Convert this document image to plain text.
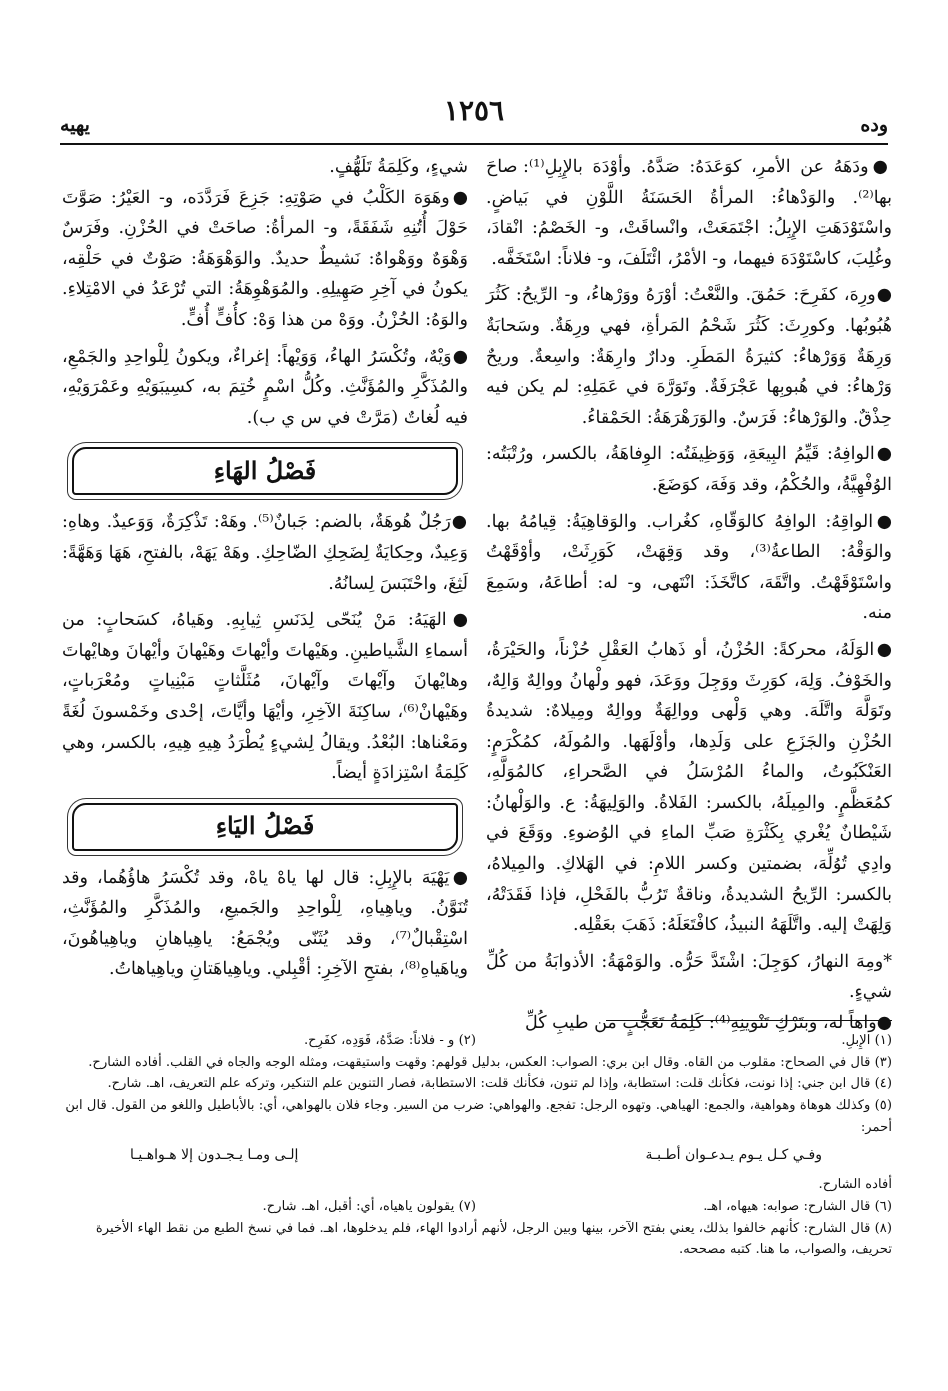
وده
١٢٥٦
يهيه

●ودَهَهُ عن الأمرِ، كوَعَدَهُ: صَدَّهُ. وأوْدَهَ بالإِبِلِ⁽¹⁾: صاحَ بها⁽²⁾. والوَدْهاءُ: المرأةُ الحَسَنَةُ اللَّوْنِ في بَياضٍ. واسْتَوْدَهَتِ الإِبِلُ: اجْتَمَعَتْ، وانْساقَتْ، و- الخَصْمُ: انْقادَ، وغُلِبَ، كاسْتَوْدَهَ فيهما، و- الأمْرُ، ائْتَلَفَ، و- فلاناً: اسْتَخَفَّه.

●ورِهَ، كفَرِحَ: حَمُقَ. والنَّعْتُ: أوْرَهُ ووَرْهاءُ، و- الرِّيحُ: كَثُرَ هُبُوبُها. وكورِثَ: كَثُرَ شَحْمُ المَرأةِ، فهي ورِهَةٌ. وسَحابَةٌ وَرِهَةٌ وَوَرْهاءُ: كثيرَةُ المَطَرِ. ودارٌ وارِهَةٌ: واسِعةٌ. وريحٌ وَرْهاءُ: في هُبوبِها عَجْرَفَةٌ. وتَوَرَّهَ في عَمَلِهِ: لم يكن فيه حِذْقٌ. والوَرْهاءُ: فَرَسٌ. والوَرَهْرَهَةُ: الحَمْقاءُ.

●الوافِهُ: قَيِّمُ البِيعَةِ، وَوَظِيفَتُه: الوِفاهَةُ، بالكسر، ورُتْبَتُه: الوُفْهِيَّةُ، والحُكْمُ، وقد وَفَهَ، كوَضَعَ.

●الواقِهُ: الوافِهُ كالوَقّاهِ، كغُراب. والوَقاهِيَةُ: قِيامُهُ بها. والوَقْهُ: الطاعةُ⁽³⁾، وقد وَقِهَتْ، كَوَرِثَتْ، وأوْقَهْتُ واسْتَوْقَهْتُ. واتَّقَهَ، كاتَّخَذَ: انْتَهى، و- له: أطاعَهُ، وسَمِعَ منه.

●الوَلَهُ، محركةً: الحُزْنُ، أو ذَهابُ العَقْلِ حُزْناً، والحَيْرَةُ، والخَوْفُ. وَلِهَ، كوَرِثَ ووَجِلَ ووَعَدَ، فهو ولْهانُ ووالِهٌ وَالِهٌ، وتَوَلَّهَ واتَّلَهَ. وهي وَلْهى ووالِهَةٌ ووالِهٌ ومِيلاهٌ: شديدةُ الحُزْنِ والجَزَعِ على وَلَدِها، وأوْلَهَها. والمُولَهُ، كمُكْرَمٍ: العَنْكَبُوتُ، والماءُ المُرْسَلُ في الصَّحراءِ، كالمُوَلَّهِ، كمُعَظَّمٍ. والمِيلَهُ، بالكسر: الفَلاةُ. والوَلِيهَةُ: ع. والوَلْهانُ: شَيْطانٌ يُغْري بِكَثْرَةِ صَبِّ الماءِ في الوُضوءِ. ووَقَعَ في وادِي تُوُلِّهَ، بضمتين وكسر اللامِ: في الهَلاكِ. والمِيلاهُ، بالكسر: الرِّيحُ الشديدةُ، وناقةٌ تَرُبُّ بالفَحْلِ، فإذا فَقَدَتْهُ، وَلِهَتْ إليه. واتَّلَهَهُ النبيذُ، كافْتَعَلَهُ: ذَهَبَ بعَقْلِه.

*ومِهَ النهارُ، كوَجِلَ: اشْتَدَّ حَرُّه. والوَمْهَةُ: الأذوابَةُ من كُلِّ شيءٍ.

●واهاً له، وبتَرْكِ تَنْوينِهِ⁽⁴⁾: كَلِمَةُ تَعَجُّبٍ من طيبِ كُلِّ

شيءٍ، وكَلِمَةُ تَلَهُّفٍ.

●وهَوَهَ الكَلْبُ في صَوْتِهِ: جَزِعَ فَرَدَّدَه، و- العَيْرُ: صَوَّتَ حَوْلَ أُتُنِهِ شَفَقَةً، و- المرأةُ: صاحَتْ في الحُزْنِ. وفَرَسٌ وَهْوَهٌ ووَهْواهٌ: نَشيطٌ حديدٌ. والوَهْوَهَةُ: صَوْتٌ في حَلْقِه، يكونُ في آخِرِ صَهِيلِهِ. والمُوَهْوِهَةُ: التي تُرْعَدُ في الامْتِلاءِ. والوَهُ: الحُزْنُ. ووَهْ من هذا وَهْ: كأُفٍّ أُفٍّ.

●وَيْهٌ، وتُكْسَرُ الهاءُ، وَوَيْهاً: إغراءٌ، ويكونُ لِلْواحِدِ والجَمْعِ، والمُذَكَّرِ والمُؤَنَّثِ. وكُلُّ اسْمٍ خُتِمَ به، كسِيبَوَيْهِ وعَمْرَوَيْهِ، فيه لُغاتٌ (مَرَّتْ في س ي ب).

فَصْلُ الهَاءِ

●رَجُلٌ هُوهَةٌ، بالضم: جَبانٌ⁽⁵⁾. وهَهْ: تَذْكِرَةٌ، وَوَعيدٌ. وهاهِ: وَعِيدٌ، وحِكايَةٌ لِضَحِكِ الضّاحِكِ. وهَهْ يَهَهْ، بالفتحِ، هَهَا وَهَهَّةً: لَثِغَ، واحْتَبَسَ لِسانُهُ.

●الهَيَهُ: مَنْ يُنَحّى لِدَنَسِ ثِيابِهِ. وهَياهُ، كسَحابٍ: من أسماءِ الشَّياطينِ. وهَيْهاتَ وأيْهاتَ وهَيْهانَ وأيْهانَ وهايْهاتَ وهايْهانَ وآيْهاتَ وآيْهانَ، مُثَلَّثاتٍ مَبْنِياتٍ ومُعْرَباتٍ، وهَيْهانْ⁽⁶⁾، ساكِنَةَ الآخِرِ، وأيْهَا وأيَّاتَ، إحْدى وخَمْسونَ لُغَةً ومَعْناها: البُعْدُ. ويقالُ لِشيءٍ يُطْرَدُ هِيهِ هِيهِ، بالكسر، وهي كَلِمَةُ اسْتِزادَةٍ أيضاً.

فَصْلُ اليَاءِ

●يَهْيَهَ بالإِبِلِ: قال لها ياهْ ياهْ، وقد تُكْسَرُ هاؤُهُما، وقد تُنَوَّنُ. وياهِياهِ، لِلْواحِدِ والجَميعِ، والمُذَكَّرِ والمُؤَنَّثِ، اسْتِقْبالٌ⁽⁷⁾، وقد يُثَنّى ويُجْمَعُ: ياهِياهانِ وياهِياهُونَ، وياهَياهِ⁽⁸⁾، بفتحِ الآخِرِ: أقْبِلي. وياهِياهَتانِ وياهِياهاتُ.

(١) الإِبلِ.

(٢) و - فلاناً: صَدَّهُ، فَوَدِه، كفَرِح.

(٣) قال في الصحاح: مقلوب من القاه. وقال ابن بري: الصواب: العكس، بدليل قولهم: وقهت واستيقهت، ومثله الوجه والجاه في القلب. أفاده الشارح.

(٤) قال ابن جني: إذا نونت، فكأنك قلت: استطابة، وإذا لم تنون، فكأنك قلت: الاستطابة، فصار التنوين علم التنكير، وتركه علم التعريف، اهـ. شارح.

(٥) وكذلك هوهاة وهواهية، والجمع: الهياهي. وتهوه الرجل: تفجع. والهواهي: ضرب من السير. وجاء فلان بالهواهي، أي: بالأباطيل واللغو من القول. قال ابن أحمر:

وفـي كـل يـوم يـدعـوان أطـبـة
إلـى ومـا يـجـدون إلا هـواهـيـا

أفاده الشارح.

(٦) قال الشارح: صوابه: هيهاه، اهـ.

(٧) يقولون ياهياه، أي: أقبل، اهـ. شارح.

(٨) قال الشارح: كأنهم خالفوا بذلك، يعني بفتح الآخر، بينها وبين الرجل، لأنهم أرادوا الهاء، فلم يدخلوها، اهـ. فما في نسخ الطبع من نقط الهاء الأخيرة تحريف، والصواب، ما هنا. كتبه مصححه.
